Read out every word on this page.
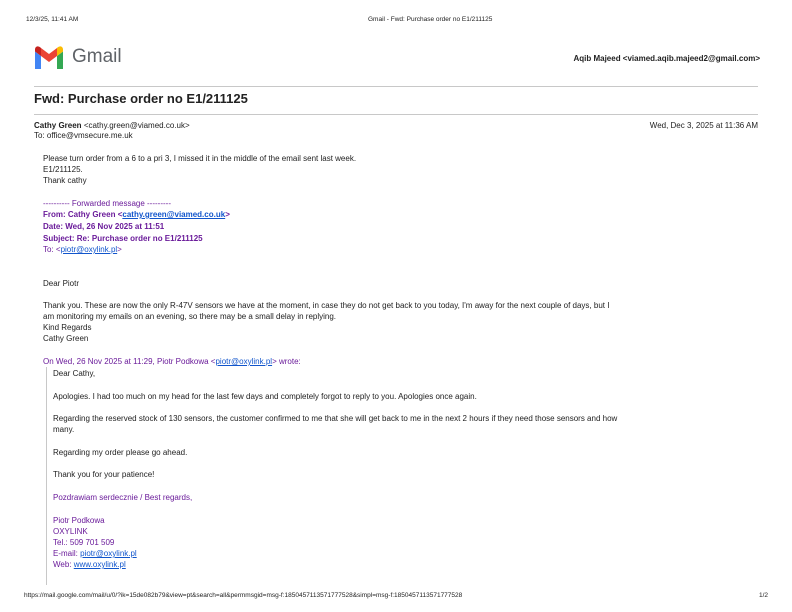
12/3/25, 11:41 AM	Gmail - Fwd: Purchase order no E1/211125
Gmail	Aqib Majeed <viamed.aqib.majeed2@gmail.com>
Fwd: Purchase order no E1/211125
Cathy Green <cathy.green@viamed.co.uk>
To: office@vmsecure.me.uk
Wed, Dec 3, 2025 at 11:36 AM
Please turn order from a 6 to a pri 3, I missed it in the middle of the email sent last week.
E1/211125.
Thank cathy
---------- Forwarded message ---------
From: Cathy Green <cathy.green@viamed.co.uk>
Date: Wed, 26 Nov 2025 at 11:51
Subject: Re: Purchase order no E1/211125
To: <piotr@oxylink.pl>
Dear Piotr
Thank you. These are now the only R-47V sensors we have at the moment, in case they do not get back to you today, I'm away for the next couple of days, but I
am monitoring my emails on an evening, so there may be a small delay in replying.
Kind Regards
Cathy Green
On Wed, 26 Nov 2025 at 11:29, Piotr Podkowa <piotr@oxylink.pl> wrote:
Dear Cathy,
Apologies. I had too much on my head for the last few days and completely forgot to reply to you. Apologies once again.
Regarding the reserved stock of 130 sensors, the customer confirmed to me that she will get back to me in the next 2 hours if they need those sensors and how
many.
Regarding my order please go ahead.
Thank you for your patience!
Pozdrawiam serdecznie / Best regards,
Piotr Podkowa
OXYLINK
Tel.: 509 701 509
E-mail: piotr@oxylink.pl
Web: www.oxylink.pl
https://mail.google.com/mail/u/0/?ik=15de082b79&view=pt&search=all&permmsgid=msg-f:1850457113571777528&simpl=msg-f:1850457113571777528	1/2
